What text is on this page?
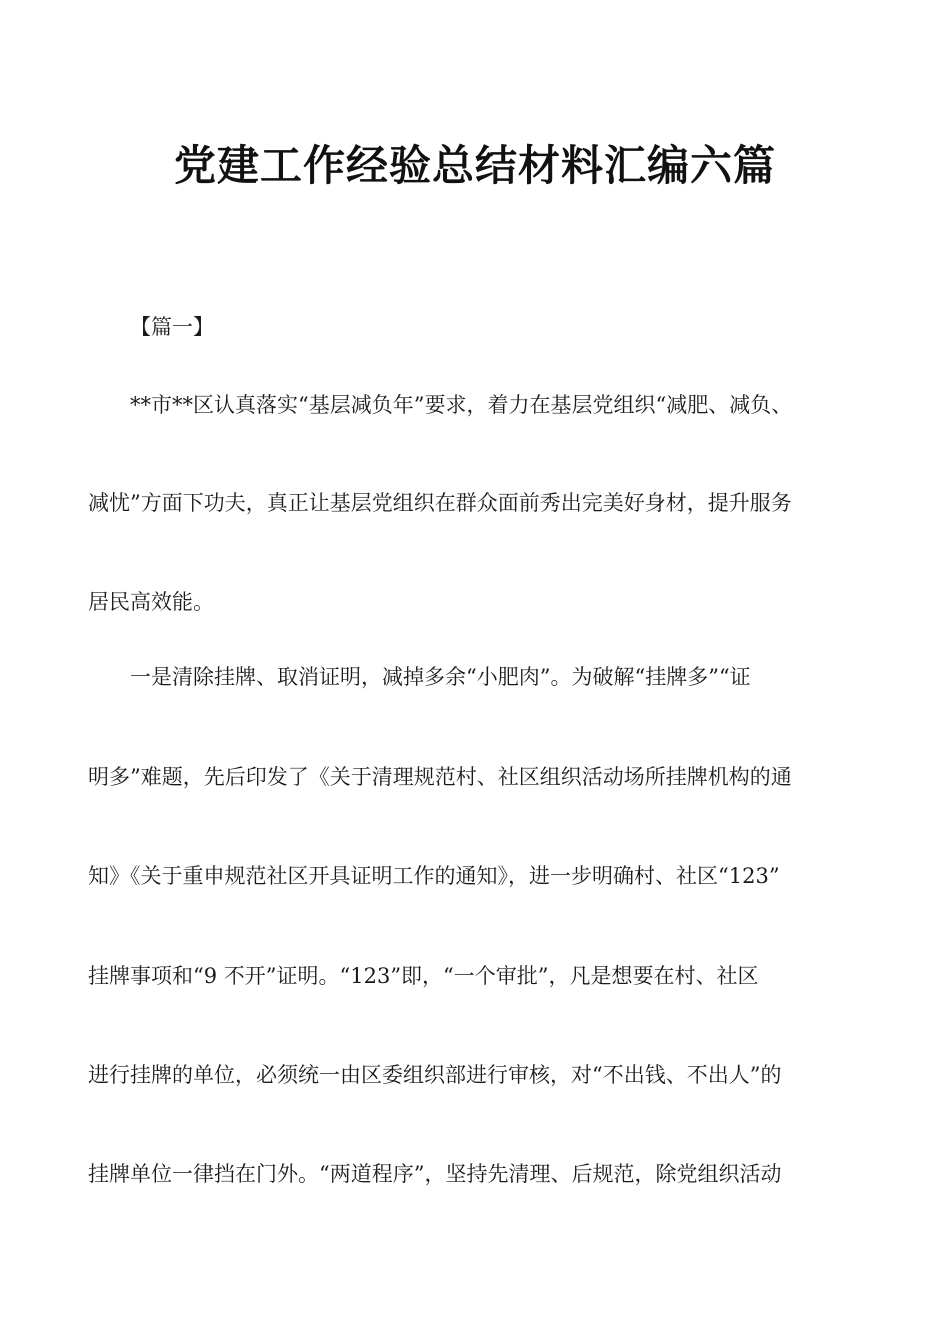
党建工作经验总结材料汇编六篇
【篇一】
**市**区认真落实“基层减负年”要求，着力在基层党组织“减肥、减负、
减忧”方面下功夫，真正让基层党组织在群众面前秀出完美好身材，提升服务
居民高效能。
一是清除挂牌、取消证明，减掉多余“小肥肉”。为破解“挂牌多”“证
明多”难题，先后印发了《关于清理规范村、社区组织活动场所挂牌机构的通
知》《关于重申规范社区开具证明工作的通知》，进一步明确村、社区“123”
挂牌事项和“9 不开”证明。“123”即，“一个审批”，凡是想要在村、社区
进行挂牌的单位，必须统一由区委组织部进行审核，对“不出钱、不出人”的
挂牌单位一律挡在门外。“两道程序”，坚持先清理、后规范，除党组织活动
